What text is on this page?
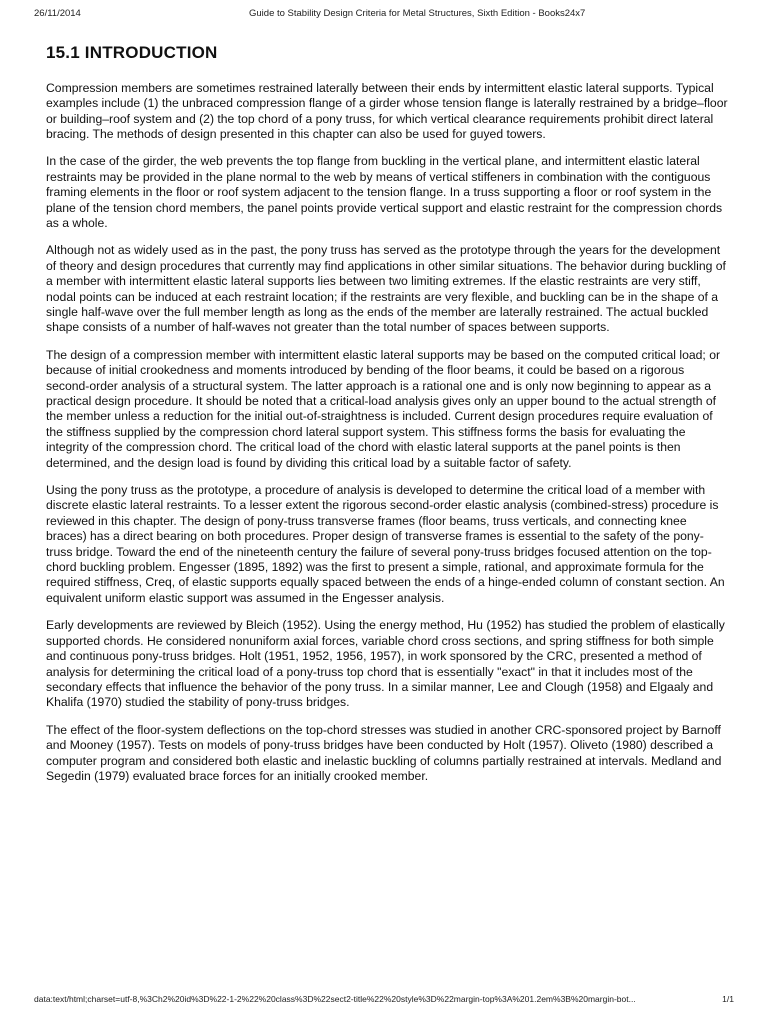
26/11/2014	Guide to Stability Design Criteria for Metal Structures, Sixth Edition - Books24x7
15.1 INTRODUCTION

Compression members are sometimes restrained laterally between their ends by intermittent elastic lateral supports. Typical examples include (1) the unbraced compression flange of a girder whose tension flange is laterally restrained by a bridge–floor or building–roof system and (2) the top chord of a pony truss, for which vertical clearance requirements prohibit direct lateral bracing. The methods of design presented in this chapter can also be used for guyed towers.

In the case of the girder, the web prevents the top flange from buckling in the vertical plane, and intermittent elastic lateral restraints may be provided in the plane normal to the web by means of vertical stiffeners in combination with the contiguous framing elements in the floor or roof system adjacent to the tension flange. In a truss supporting a floor or roof system in the plane of the tension chord members, the panel points provide vertical support and elastic restraint for the compression chords as a whole.

Although not as widely used as in the past, the pony truss has served as the prototype through the years for the development of theory and design procedures that currently may find applications in other similar situations. The behavior during buckling of a member with intermittent elastic lateral supports lies between two limiting extremes. If the elastic restraints are very stiff, nodal points can be induced at each restraint location; if the restraints are very flexible, and buckling can be in the shape of a single half-wave over the full member length as long as the ends of the member are laterally restrained. The actual buckled shape consists of a number of half-waves not greater than the total number of spaces between supports.

The design of a compression member with intermittent elastic lateral supports may be based on the computed critical load; or because of initial crookedness and moments introduced by bending of the floor beams, it could be based on a rigorous second-order analysis of a structural system. The latter approach is a rational one and is only now beginning to appear as a practical design procedure. It should be noted that a critical-load analysis gives only an upper bound to the actual strength of the member unless a reduction for the initial out-of-straightness is included. Current design procedures require evaluation of the stiffness supplied by the compression chord lateral support system. This stiffness forms the basis for evaluating the integrity of the compression chord. The critical load of the chord with elastic lateral supports at the panel points is then determined, and the design load is found by dividing this critical load by a suitable factor of safety.

Using the pony truss as the prototype, a procedure of analysis is developed to determine the critical load of a member with discrete elastic lateral restraints. To a lesser extent the rigorous second-order elastic analysis (combined-stress) procedure is reviewed in this chapter. The design of pony-truss transverse frames (floor beams, truss verticals, and connecting knee braces) has a direct bearing on both procedures. Proper design of transverse frames is essential to the safety of the pony-truss bridge. Toward the end of the nineteenth century the failure of several pony-truss bridges focused attention on the top-chord buckling problem. Engesser (1895, 1892) was the first to present a simple, rational, and approximate formula for the required stiffness, Creq, of elastic supports equally spaced between the ends of a hinge-ended column of constant section. An equivalent uniform elastic support was assumed in the Engesser analysis.

Early developments are reviewed by Bleich (1952). Using the energy method, Hu (1952) has studied the problem of elastically supported chords. He considered nonuniform axial forces, variable chord cross sections, and spring stiffness for both simple and continuous pony-truss bridges. Holt (1951, 1952, 1956, 1957), in work sponsored by the CRC, presented a method of analysis for determining the critical load of a pony-truss top chord that is essentially "exact" in that it includes most of the secondary effects that influence the behavior of the pony truss. In a similar manner, Lee and Clough (1958) and Elgaaly and Khalifa (1970) studied the stability of pony-truss bridges.

The effect of the floor-system deflections on the top-chord stresses was studied in another CRC-sponsored project by Barnoff and Mooney (1957). Tests on models of pony-truss bridges have been conducted by Holt (1957). Oliveto (1980) described a computer program and considered both elastic and inelastic buckling of columns partially restrained at intervals. Medland and Segedin (1979) evaluated brace forces for an initially crooked member.

data:text/html;charset=utf-8,%3Ch2%20id%3D%22-1-2%22%20class%3D%22sect2-title%22%20style%3D%22margin-top%3A%201.2em%3B%20margin-bot...	1/1
